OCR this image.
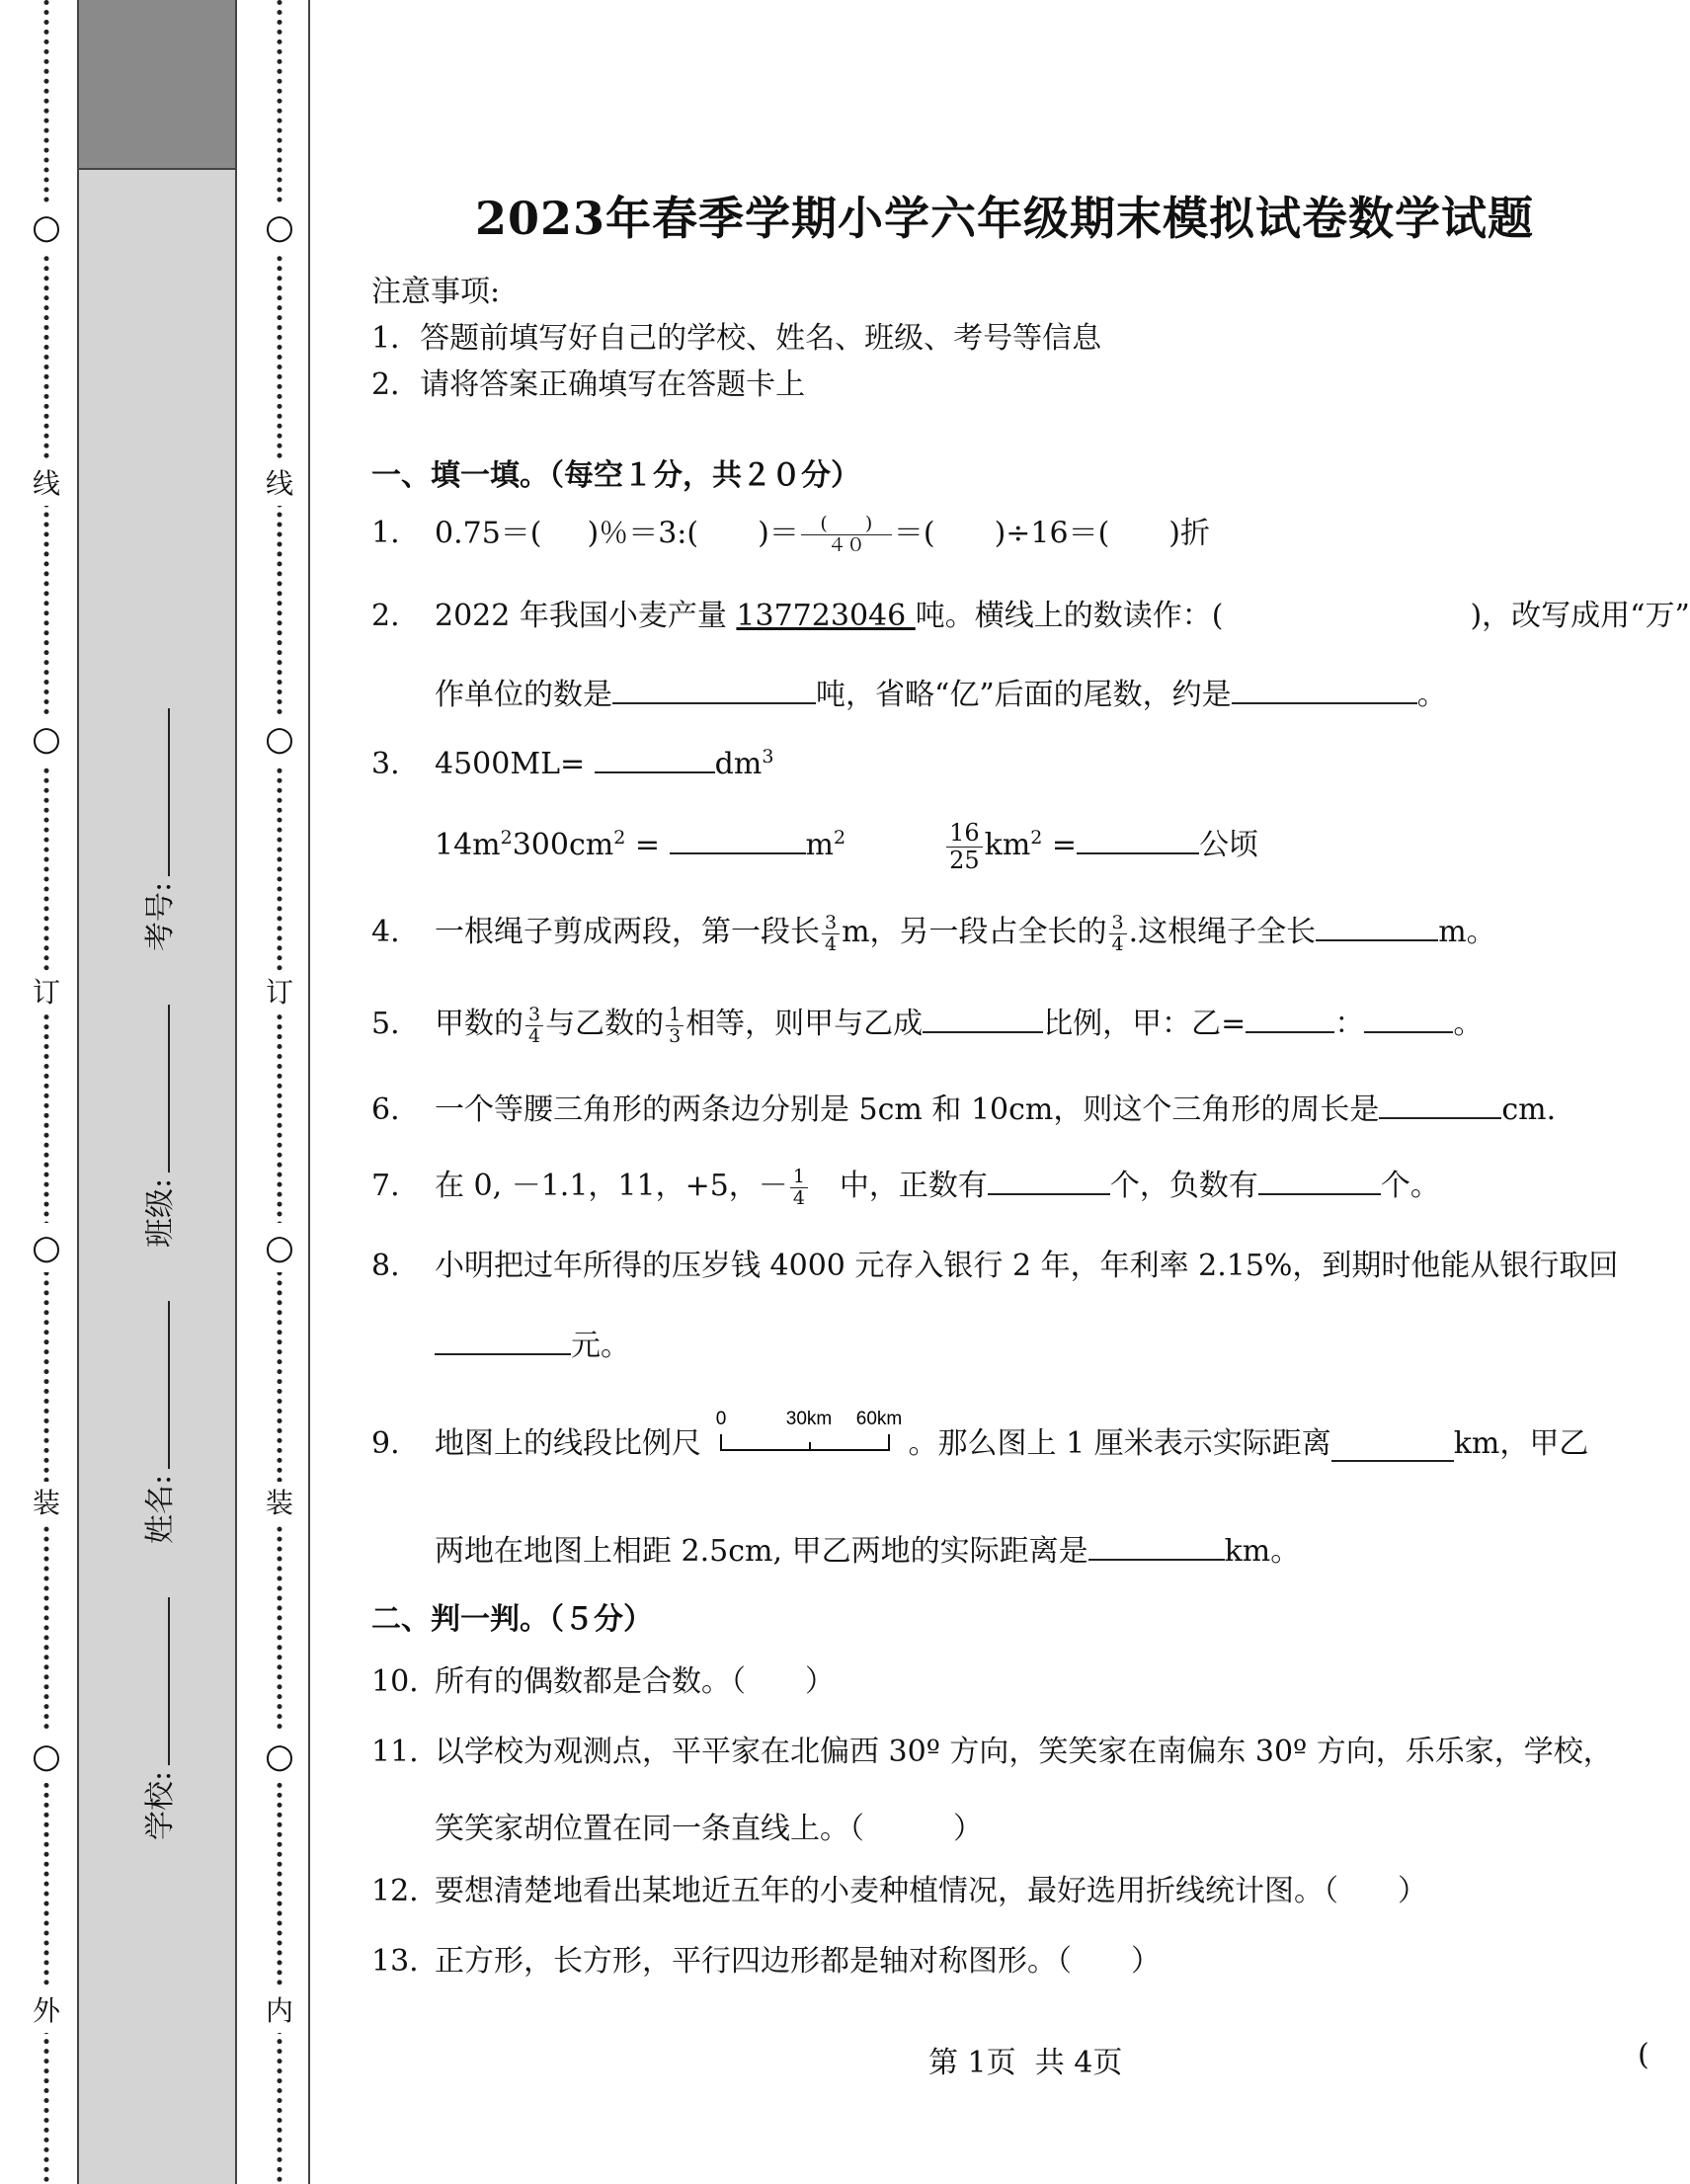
○
线
○
订
○
装
○
外
考号:
班级:
姓名:
学校:
○
线
○
订
○
装
○
内
2023年春季学期小学六年级期末模拟试卷数学试题
注意事项:
1．答题前填写好自己的学校、姓名、班级、考号等信息
2．请将答案正确填写在答题卡上
一、填一填。（每空１分，共２０分）
1. 0.75＝( )％＝3:( )＝ $\frac{( )}{40}$ ＝( )÷16＝( )折
2. 2022 年我国小麦产量 137723046 吨。横线上的数读作：(	)，改写成用“万”
作单位的数是	吨，省略“亿”后面的尾数，约是	。
3. 4500ML=	$dm^3$
$14m^2300cm^2$ =	$m^2$	$\frac{16}{25} km^2$ =	公顷
4. 一根绳子剪成两段，第一段长 $\frac{3}{4}$ m，另一段占全长的 $\frac{3}{4}$ .这根绳子全长	m。
5. 甲数的 $\frac{3}{4}$ 与乙数的 $\frac{1}{3}$ 相等，则甲与乙成	比例，甲：乙=	：	。
6. 一个等腰三角形的两条边分别是 5cm 和 10cm，则这个三角形的周长是	cm.
7. 在 0, －1.1，11，+5，－ $\frac{1}{4}$ 　中，正数有	个，负数有	个。
8. 小明把过年所得的压岁钱 4000 元存入银行 2 年，年利率 2.15%，到期时他能从银行取回
元。
9. 地图上的线段比例尺
0	30km 60km
。那么图上 1 厘米表示实际距离	km，甲乙
两地在地图上相距 2.5cm, 甲乙两地的实际距离是	km。
二、判一判。（５分）
10. 所有的偶数都是合数。（　　）
11. 以学校为观测点，平平家在北偏西 30º 方向，笑笑家在南偏东 30º 方向，乐乐家，学校，
笑笑家胡位置在同一条直线上。（　　　）
12. 要想清楚地看出某地近五年的小麦种植情况，最好选用折线统计图。（　　）
13. 正方形，长方形，平行四边形都是轴对称图形。（　　）
第 1页  共 4页	(
